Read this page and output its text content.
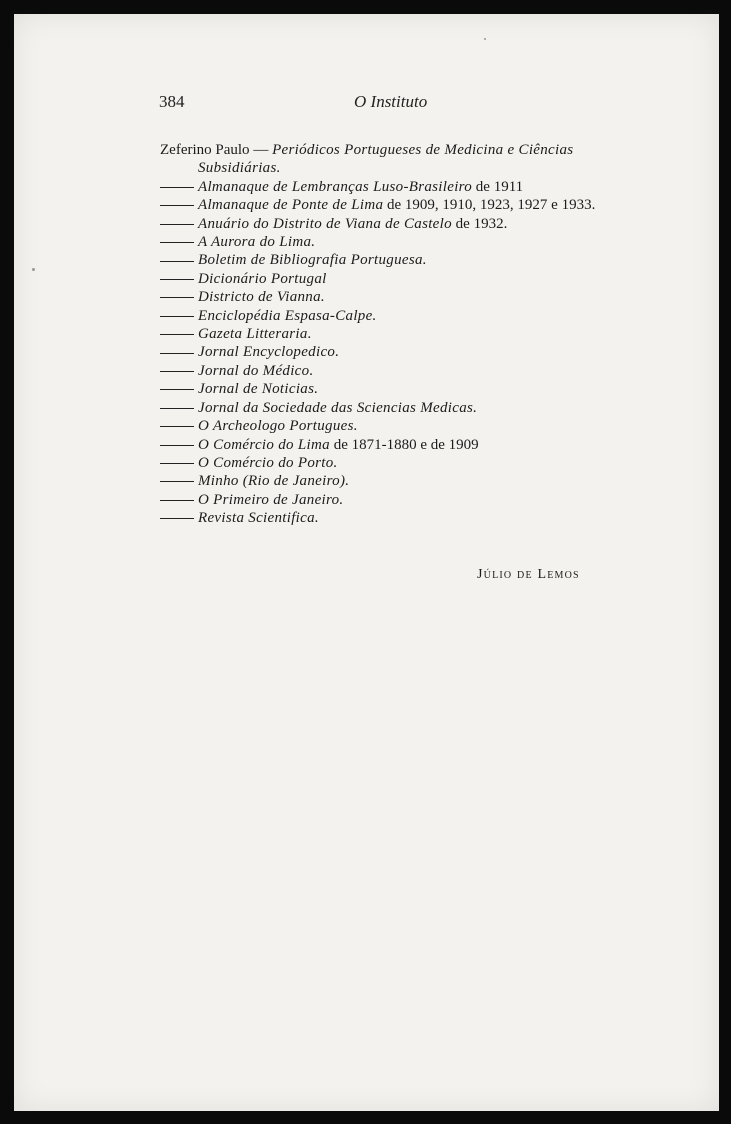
384	O Instituto

Zeferino Paulo — Periódicos Portugueses de Medicina e Ciências

Subsidiárias.

Almanaque de Lembranças Luso-Brasileiro de 1911

Almanaque de Ponte de Lima de 1909, 1910, 1923, 1927 e 1933.

Anuário do Distrito de Viana de Castelo de 1932.

A Aurora do Lima.

Boletim de Bibliografia Portuguesa.

Dicionário Portugal

Districto de Vianna.

Enciclopédia Espasa-Calpe.

Gazeta Litteraria.

Jornal Encyclopedico.

Jornal do Médico.

Jornal de Noticias.

Jornal da Sociedade das Sciencias Medicas.

O Archeologo Portugues.

O Comércio do Lima de 1871-1880 e de 1909

O Comércio do Porto.

Minho (Rio de Janeiro).

O Primeiro de Janeiro.

Revista Scientifica.

Júlio de Lemos
